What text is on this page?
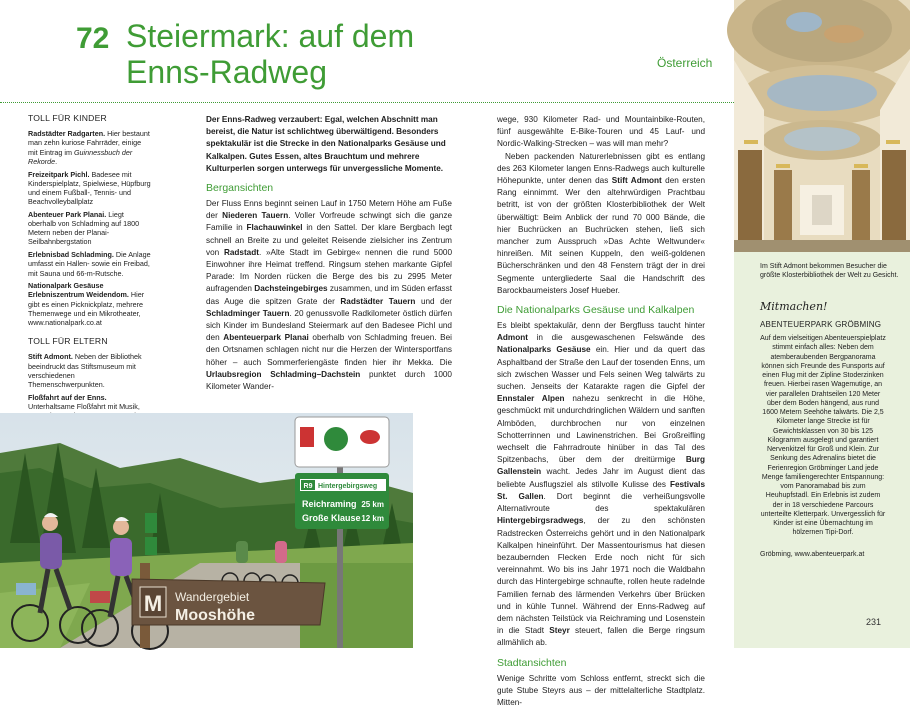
72 Steiermark: auf dem Enns-Radweg	Österreich
TOLL FÜR KINDER

Radstädter Radgarten. Hier bestaunt man zehn kuriose Fahrräder, einige mit Eintrag im Guinnessbuch der Rekorde.

Freizeitpark Pichl. Badesee mit Kinderspielplatz, Spielwiese, Hüpfburg und einem Fußball-, Tennis- und Beachvolleyballplatz

Abenteuer Park Planai. Liegt oberhalb von Schladming auf 1800 Metern neben der Planai-Seilbahnbergstation

Erlebnisbad Schladming. Die Anlage umfasst ein Hallen- sowie ein Freibad, mit Sauna und 66-m-Rutsche.

Nationalpark Gesäuse Erlebniszentrum Weidendom. Hier gibt es einen Picknickplatz, mehrere Themenwege und ein Mikrotheater, www.nationalpark.co.at

TOLL FÜR ELTERN

Stift Admont. Neben der Bibliothek beeindruckt das Stiftsmuseum mit verschiedenen Themenschwerpunkten.

Floßfahrt auf der Enns. Unterhaltsame Floßfahrt mit Musik,

Der Enns-Radweg verzaubert: Egal, welchen Abschnitt man bereist, die Natur ist schlichtweg überwältigend. Besonders spektakulär ist die Strecke in den Nationalparks Gesäuse und Kalkalpen. Gutes Essen, altes Brauchtum und mehrere Kulturperlen sorgen unterwegs für unvergessliche Momente.

Bergansichten

Der Fluss Enns beginnt seinen Lauf in 1750 Metern Höhe am Fuße der Niederen Tauern. Voller Vorfreude schwingt sich die ganze Familie in Flachauwinkel in den Sattel. Der klare Bergbach legt schnell an Breite zu und geleitet Reisende zielsicher ins Zentrum von Radstadt. »Alte Stadt im Gebirge« nennen die rund 5000 Einwohner ihre Heimat treffend. Ringsum stehen markante Gipfel Parade: Im Norden rücken die Berge des bis zu 2995 Meter aufragenden Dachsteingebirges zusammen, und im Süden erfasst das Auge die spitzen Grate der Radstädter Tauern und der Schladminger Tauern. 20 genussvolle Radkilometer östlich dürfen sich Kinder im Bundesland Steiermark auf den Badesee Pichl und den Abenteuerpark Planai oberhalb von Schladming freuen. Bei den Ortsnamen schlagen nicht nur die Herzen der Wintersportfans höher – auch Sommerferiengäste finden hier ihr Mekka. Die Urlaubsregion Schladming–Dachstein punktet durch 1000 Kilometer Wander-

wege, 930 Kilometer Rad- und Mountainbike-Routen, fünf ausgewählte E-Bike-Touren und 45 Lauf- und Nordic-Walking-Strecken – was will man mehr?

Neben packenden Naturerlebnissen gibt es entlang des 263 Kilometer langen Enns-Radwegs auch kulturelle Höhepunkte, unter denen das Stift Admont den ersten Rang einnimmt. Wer den altehrwürdigen Prachtbau betritt, ist von der größten Klosterbibliothek der Welt überwältigt: Beim Anblick der rund 70 000 Bände, die hier Buchrücken an Buchrücken stehen, ließ sich mancher zum Ausspruch »Das Achte Weltwunder« hinreißen. Mit seinen Kuppeln, den weiß-goldenen Bücherschränken und den 48 Fenstern trägt der in drei Segmente untergliederte Saal die Handschrift des Barockbaumeisters Josef Hueber.

Die Nationalparks Gesäuse und Kalkalpen

Es bleibt spektakulär, denn der Bergfluss taucht hinter Admont in die ausgewaschenen Felswände des Nationalparks Gesäuse ein. Hier und da quert das Asphaltband der Straße den Lauf der tosenden Enns, um sich zwischen Wasser und Fels seinen Weg talwärts zu suchen. Jenseits der Katarakte ragen die Gipfel der Ennstaler Alpen nahezu senkrecht in die Höhe, geschmückt mit undurchdringlichen Wäldern und sanften Almböden, durchbrochen nur von einzelnen Schotterrinnen und Lawinenstrichen. Bei Großreifling wechselt die Fahrradroute hinüber in das Tal des Spitzenbachs, über dem der dreitürmige Burg Gallenstein wacht. Jedes Jahr im August dient das beliebte Ausflugsziel als stilvolle Kulisse des Festivals St. Gallen. Dort beginnt die verheißungsvolle Alternativroute des spektakulären Hintergebirgsradwegs, der zu den schönsten Radstrecken Österreichs gehört und in den Nationalpark Kalkalpen hineinführt. Der Massentourismus hat diesen bezaubernden Flecken Erde noch nicht für sich vereinnahmt. Wo bis ins Jahr 1971 noch die Waldbahn durch das Hintergebirge schnaufte, rollen heute radelnde Familien fernab des lärmenden Verkehrs über Brücken und in kühle Tunnel. Während der Enns-Radweg auf dem nächsten Teilstück via Reichraming und Losenstein in die Stadt Steyr steuert, fallen die Berge ringsum allmählich ab.

Stadtansichten

Wenige Schritte vom Schloss entfernt, streckt sich die gute Stube Steyrs aus – der mittelalterliche Stadtplatz. Mitten-

R9 Hintergebirgsweg
Reichraming 25 km
Große Klause 12 km
M Wandergebiet
Mooshöhe
Im Stift Admont bekommen Besucher die größte Klosterbibliothek der Welt zu Gesicht.
Mitmachen!
ABENTEUERPARK GRÖBMING
Auf dem vielseitigen Abenteuerspielplatz stimmt einfach alles: Neben dem atemberaubenden Bergpanorama können sich Freunde des Funsports auf einen Flug mit der Zipline Stoderzinken freuen. Hierbei rasen Wagemutige, an vier parallelen Drahtseilen 120 Meter über dem Boden hängend, aus rund 1600 Metern Seehöhe talwärts. Die 2,5 Kilometer lange Strecke ist für Gewichtsklassen von 30 bis 125 Kilogramm ausgelegt und garantiert Nervenkitzel für Groß und Klein. Zur Senkung des Adrenalins bietet die Ferienregion Gröbminger Land jede Menge familiengerechter Entspannung: vom Panoramabad bis zum Heuhupfstadl. Ein Erlebnis ist zudem der in 18 verschiedene Parcours unterteilte Kletterpark. Unvergesslich für Kinder ist eine Übernachtung im hölzernen Tipi-Dorf.
Gröbming, www.abenteuerpark.at
231
